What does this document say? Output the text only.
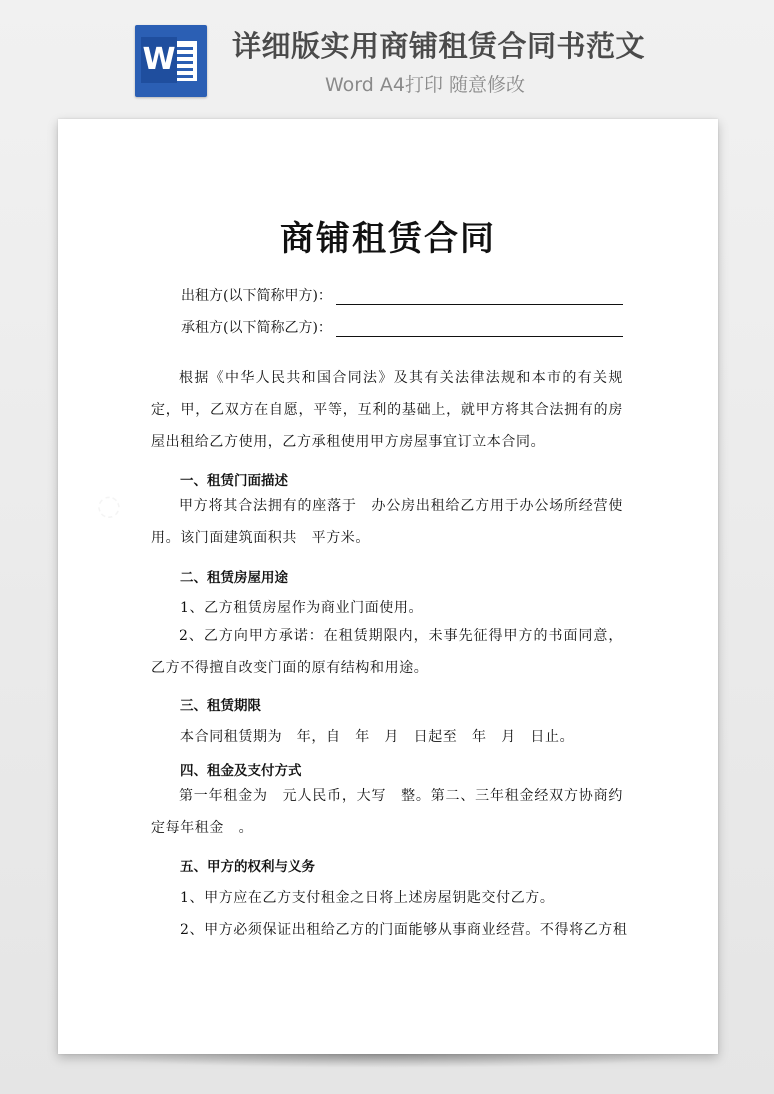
W 详细版实用商铺租赁合同书范文
Word A4打印 随意修改
商铺租赁合同
出租方(以下简称甲方)：
承租方(以下简称乙方)：
根据《中华人民共和国合同法》及其有关法律法规和本市的有关规定，甲，乙双方在自愿，平等，互利的基础上，就甲方将其合法拥有的房屋出租给乙方使用，乙方承租使用甲方房屋事宜订立本合同。
一、租赁门面描述
甲方将其合法拥有的座落于　办公房出租给乙方用于办公场所经营使用。该门面建筑面积共　平方米。
二、租赁房屋用途
1、乙方租赁房屋作为商业门面使用。
2、乙方向甲方承诺：在租赁期限内，未事先征得甲方的书面同意，乙方不得擅自改变门面的原有结构和用途。
三、租赁期限
本合同租赁期为　年，自　年　月　日起至　年　月　日止。
四、租金及支付方式
第一年租金为　元人民币，大写　整。第二、三年租金经双方协商约定每年租金　。
五、甲方的权利与义务
1、甲方应在乙方支付租金之日将上述房屋钥匙交付乙方。
2、甲方必须保证出租给乙方的门面能够从事商业经营。不得将乙方租
